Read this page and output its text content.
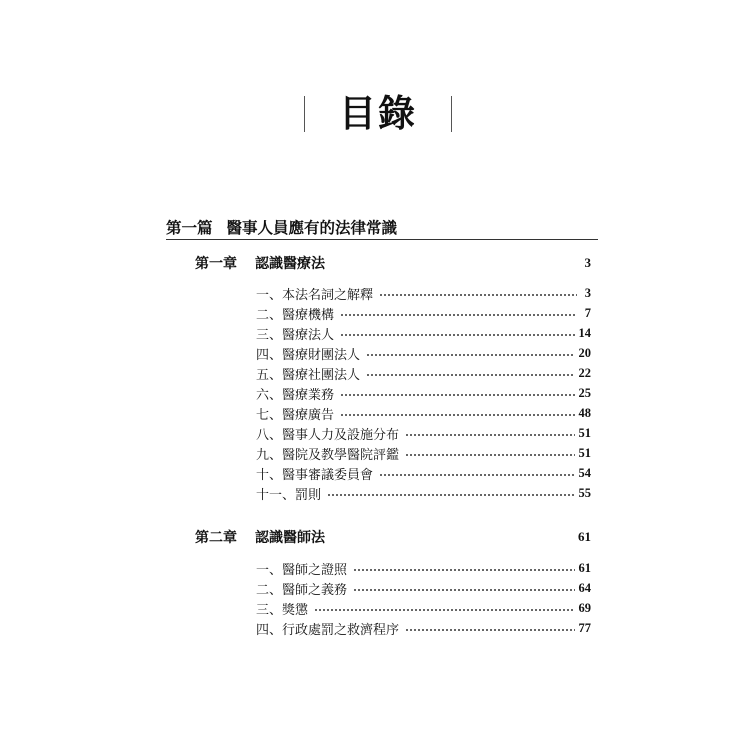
目錄
第一篇 醫事人員應有的法律常識
第一章	認識醫療法	3
一、本法名詞之解釋	3
二、醫療機構	7
三、醫療法人	14
四、醫療財團法人	20
五、醫療社團法人	22
六、醫療業務	25
七、醫療廣告	48
八、醫事人力及設施分布	51
九、醫院及教學醫院評鑑	51
十、醫事審議委員會	54
十一、罰則	55
第二章	認識醫師法	61
一、醫師之證照	61
二、醫師之義務	64
三、獎懲	69
四、行政處罰之救濟程序	77
